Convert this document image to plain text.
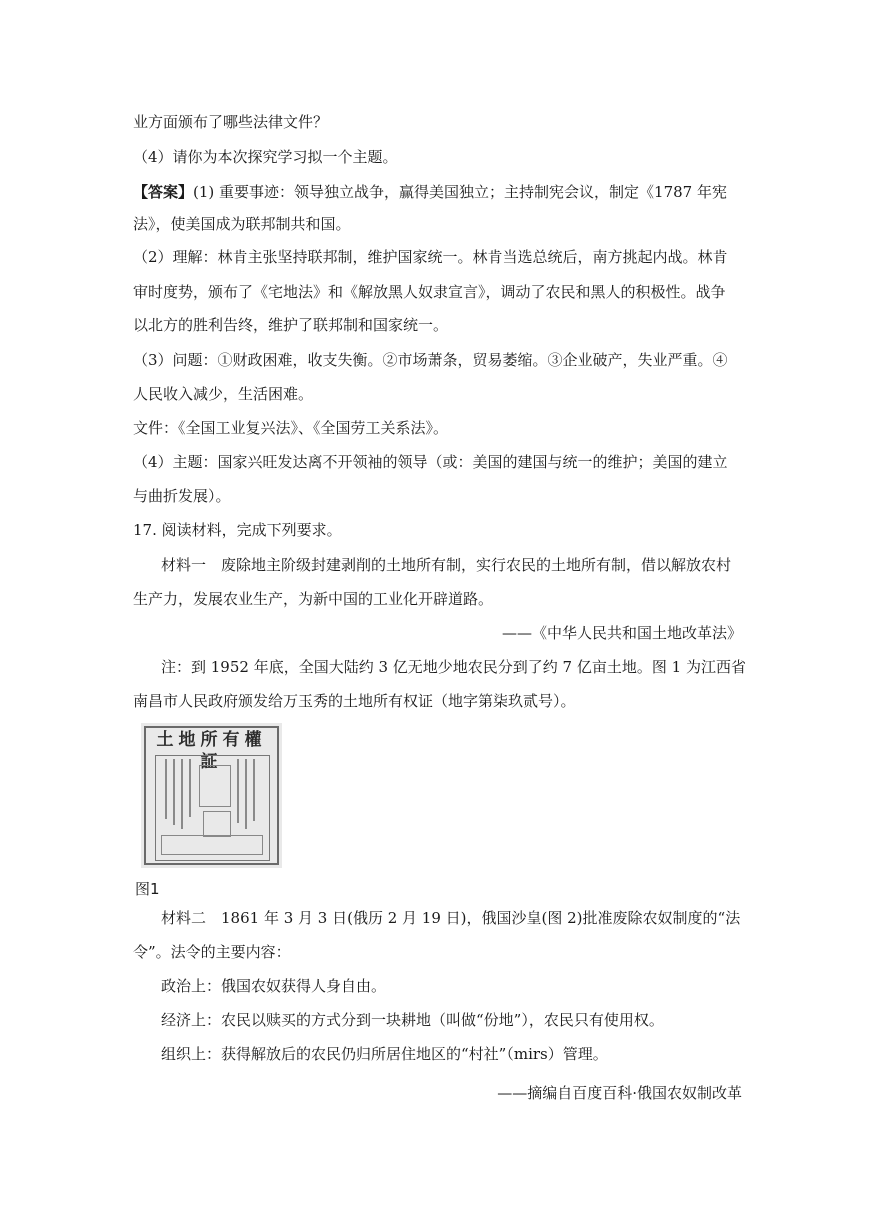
业方面颁布了哪些法律文件？
（4）请你为本次探究学习拟一个主题。
【答案】(1) 重要事迹：领导独立战争，赢得美国独立；主持制宪会议，制定《1787 年宪
法》，使美国成为联邦制共和国。
（2）理解：林肯主张坚持联邦制，维护国家统一。林肯当选总统后，南方挑起内战。林肯
审时度势，颁布了《宅地法》和《解放黑人奴隶宣言》，调动了农民和黑人的积极性。战争
以北方的胜利告终，维护了联邦制和国家统一。
（3）问题：①财政困难，收支失衡。②市场萧条，贸易萎缩。③企业破产，失业严重。④
人民收入减少，生活困难。
文件：《全国工业复兴法》、《全国劳工关系法》。
（4）主题：国家兴旺发达离不开领袖的领导（或：美国的建国与统一的维护；美国的建立
与曲折发展）。
17. 阅读材料，完成下列要求。
材料一　废除地主阶级封建剥削的土地所有制，实行农民的土地所有制，借以解放农村
生产力，发展农业生产，为新中国的工业化开辟道路。
——《中华人民共和国土地改革法》
注：到 1952 年底，全国大陆约 3 亿无地少地农民分到了约 7 亿亩土地。图 1 为江西省
南昌市人民政府颁发给万玉秀的土地所有权证（地字第柒玖贰号）。
土地所有權証
图1
材料二　1861 年 3 月 3 日(俄历 2 月 19 日)，俄国沙皇(图 2)批准废除农奴制度的“法
令”。法令的主要内容：
政治上：俄国农奴获得人身自由。
经济上：农民以赎买的方式分到一块耕地（叫做“份地”），农民只有使用权。
组织上：获得解放后的农民仍归所居住地区的“村社”（mirs）管理。
——摘编自百度百科·俄国农奴制改革
